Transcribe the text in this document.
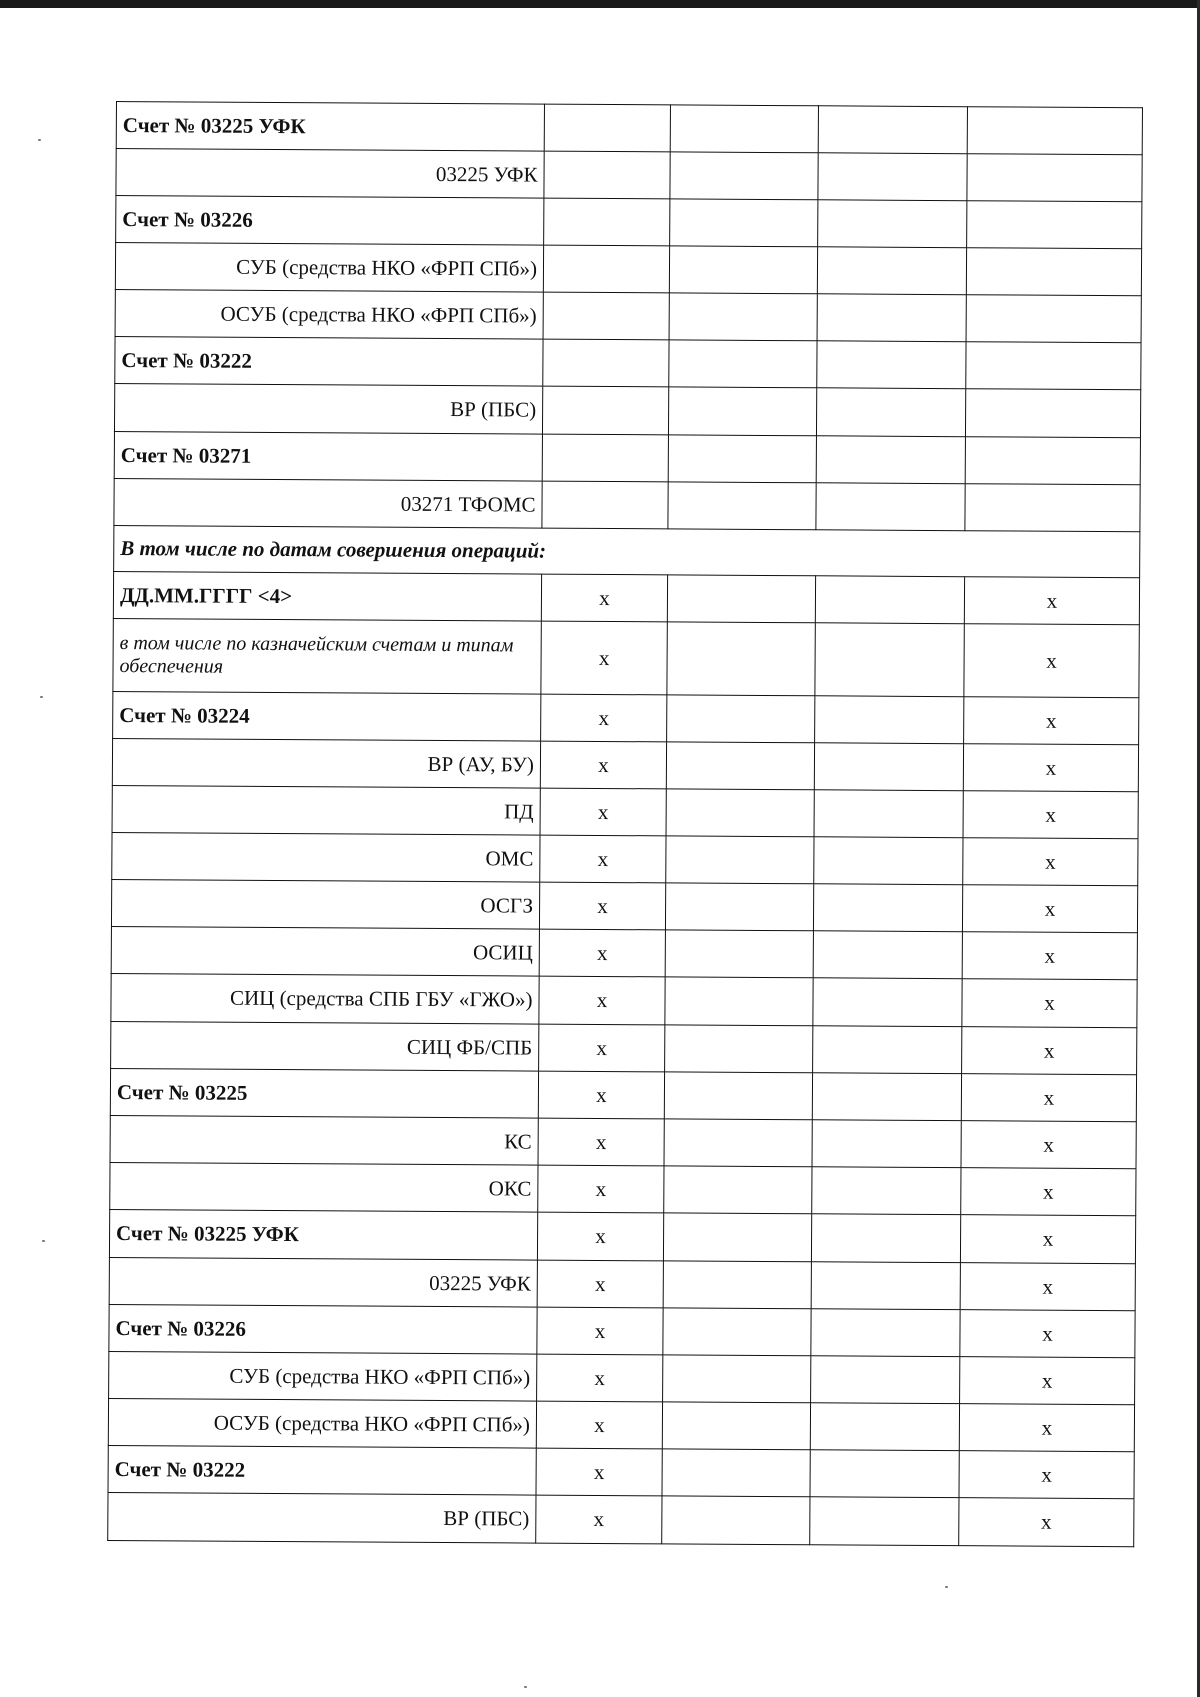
Счет № 03225 УФК				
03225 УФК				
Счет № 03226				
СУБ (средства НКО «ФРП СПб»)				
ОСУБ (средства НКО «ФРП СПб»)				
Счет № 03222				
ВР (ПБС)				
Счет № 03271				
03271 ТФОМС				
В том числе по датам совершения операций:				
ДД.ММ.ГГГГ <4>	x			x
в том числе по казначейским счетам и типам обеспечения	x			x
Счет № 03224	x			x
ВР (АУ, БУ)	x			x
ПД	x			x
ОМС	x			x
ОСГЗ	x			x
ОСИЦ	x			x
СИЦ (средства СПБ ГБУ «ГЖО»)	x			x
СИЦ ФБ/СПБ	x			x
Счет № 03225	x			x
КС	x			x
ОКС	x			x
Счет № 03225 УФК	x			x
03225 УФК	x			x
Счет № 03226	x			x
СУБ (средства НКО «ФРП СПб»)	x			x
ОСУБ (средства НКО «ФРП СПб»)	x			x
Счет № 03222	x			x
ВР (ПБС)	x			x
